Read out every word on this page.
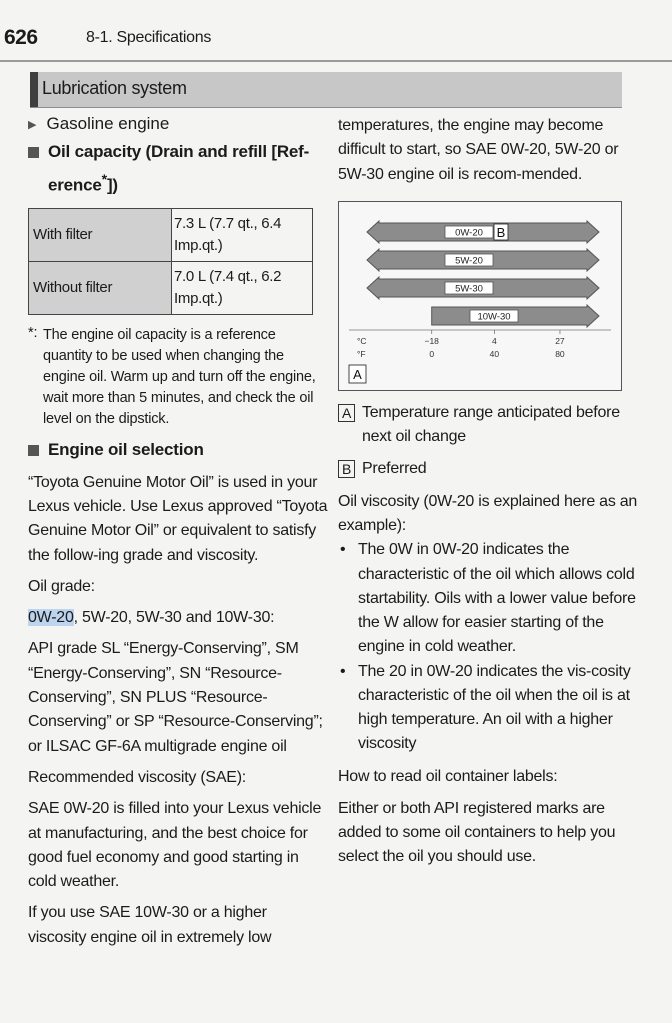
626	8-1. Specifications
Lubrication system
▶ Gasoline engine
Oil capacity (Drain and refill [Ref-erence*])
With filter	7.3 L (7.7 qt., 6.4 Imp.qt.)
Without filter	7.0 L (7.4 qt., 6.2 Imp.qt.)
*: The engine oil capacity is a reference quantity to be used when changing the engine oil. Warm up and turn off the engine, wait more than 5 minutes, and check the oil level on the dipstick.
Engine oil selection
“Toyota Genuine Motor Oil” is used in your Lexus vehicle. Use Lexus approved “Toyota Genuine Motor Oil” or equivalent to satisfy the follow-ing grade and viscosity.
Oil grade:
0W-20, 5W-20, 5W-30 and 10W-30:
API grade SL “Energy-Conserving”, SM “Energy-Conserving”, SN “Resource-Conserving”, SN PLUS “Resource-Conserving” or SP “Resource-Conserving”; or ILSAC GF-6A multigrade engine oil
Recommended viscosity (SAE):
SAE 0W-20 is filled into your Lexus vehicle at manufacturing, and the best choice for good fuel economy and good starting in cold weather.
If you use SAE 10W-30 or a higher viscosity engine oil in extremely low
temperatures, the engine may become difficult to start, so SAE 0W-20, 5W-20 or 5W-30 engine oil is recom-mended.
0W-20 B
5W-20
5W-30
10W-30
°C
°F
−18
0
4
40
27
80
A
A Temperature range anticipated before next oil change
B Preferred
Oil viscosity (0W-20 is explained here as an example):
• The 0W in 0W-20 indicates the characteristic of the oil which allows cold startability. Oils with a lower value before the W allow for easier starting of the engine in cold weather.
• The 20 in 0W-20 indicates the vis-cosity characteristic of the oil when the oil is at high temperature. An oil with a higher viscosity
How to read oil container labels:
Either or both API registered marks are added to some oil containers to help you select the oil you should use.
